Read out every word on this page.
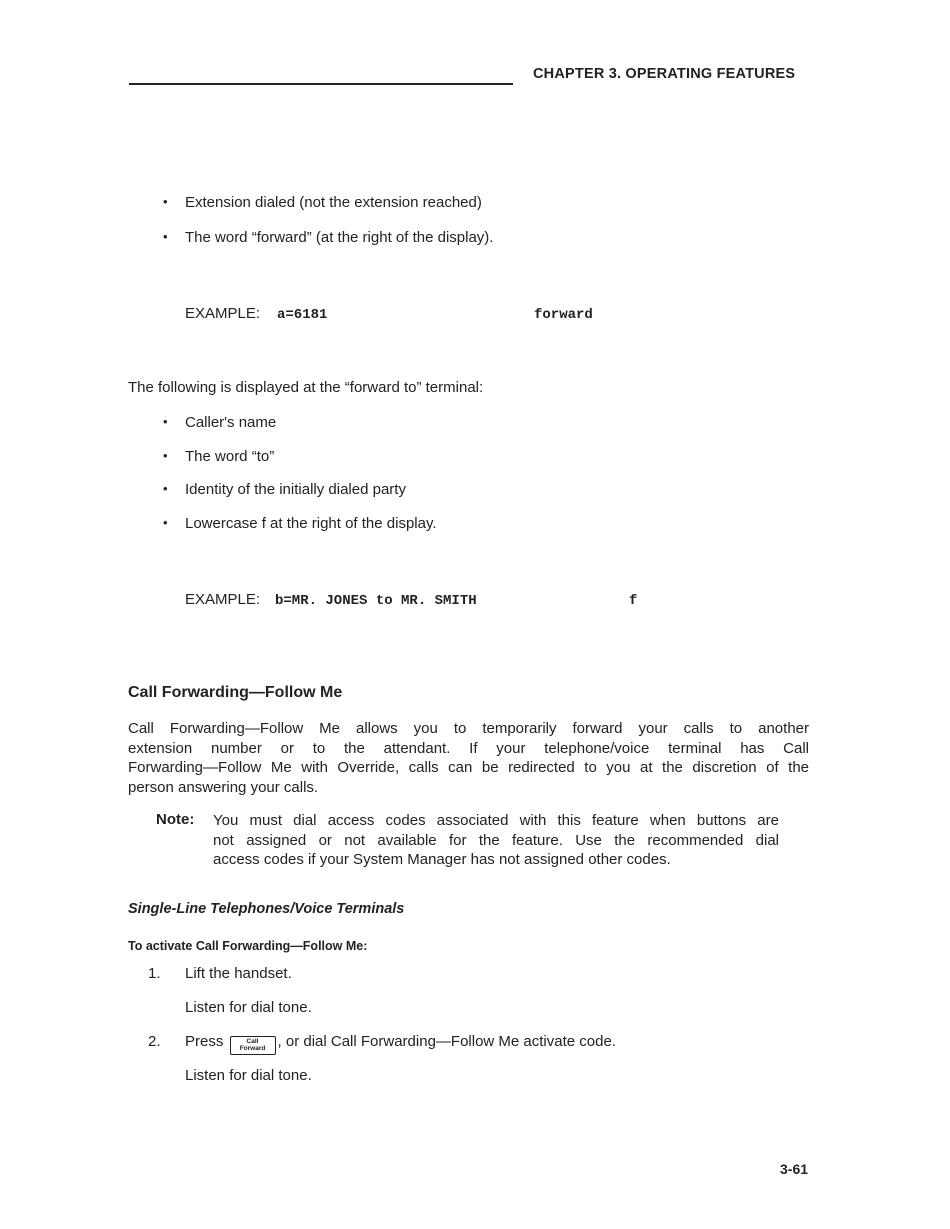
CHAPTER 3. OPERATING FEATURES
• Extension dialed (not the extension reached)
• The word “forward” (at the right of the display).
EXAMPLE: a=6181	forward
The following is displayed at the “forward to” terminal:
• Caller's name
• The word “to”
• Identity of the initially dialed party
• Lowercase f at the right of the display.
EXAMPLE: b=MR. JONES to MR. SMITH	f
Call Forwarding—Follow Me
Call Forwarding—Follow Me allows you to temporarily forward your calls to another
extension number or to the attendant. If your telephone/voice terminal has Call
Forwarding—Follow Me with Override, calls can be redirected to you at the discretion of the
person answering your calls.
Note: You must dial access codes associated with this feature when buttons are
not assigned or not available for the feature. Use the recommended dial
access codes if your System Manager has not assigned other codes.
Single-Line Telephones/Voice Terminals
To activate Call Forwarding—Follow Me:
1. Lift the handset.
Listen for dial tone.
2. Press	Call
Forward , or dial Call Forwarding—Follow Me activate code.
Listen for dial tone.
3-61
